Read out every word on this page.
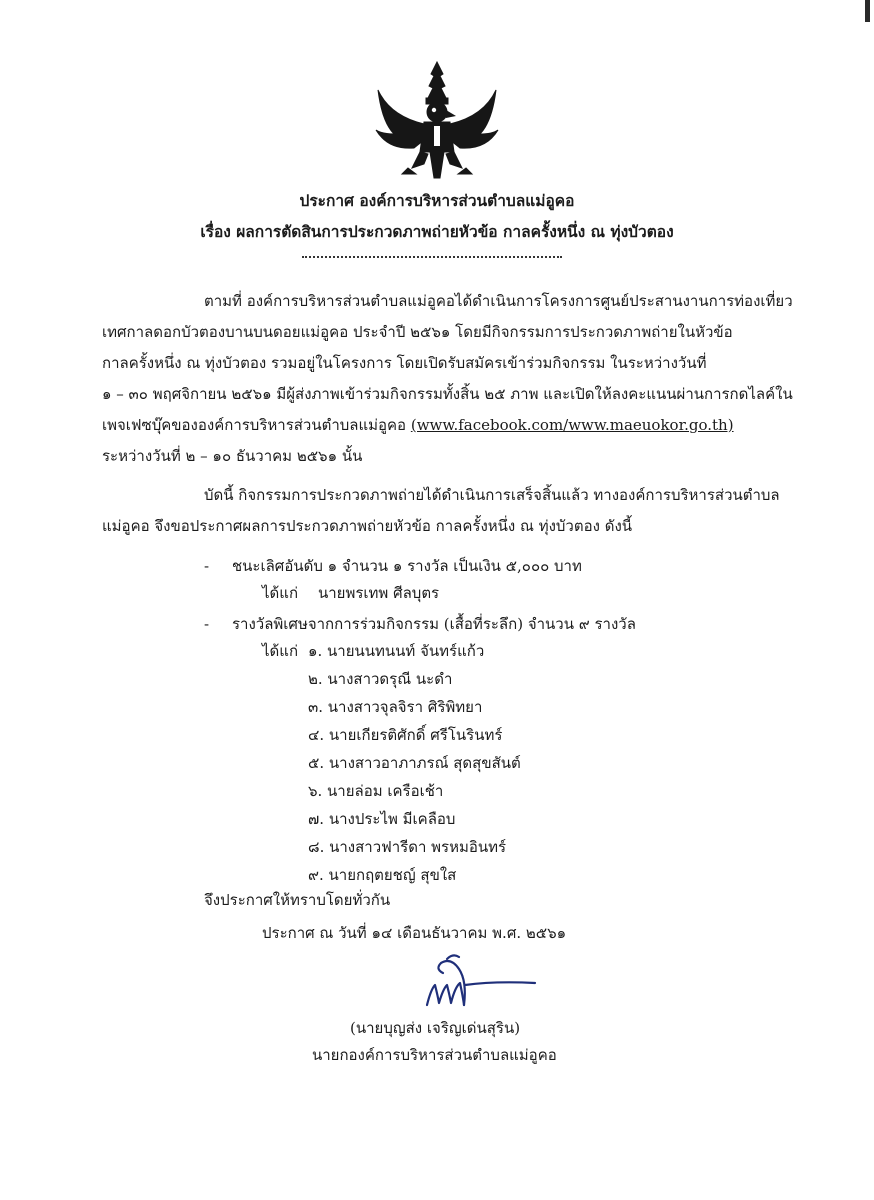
ประกาศ องค์การบริหารส่วนตำบลแม่อูคอ
เรื่อง ผลการตัดสินการประกวดภาพถ่ายหัวข้อ กาลครั้งหนึ่ง ณ ทุ่งบัวตอง
ตามที่ องค์การบริหารส่วนตำบลแม่อูคอได้ดำเนินการโครงการศูนย์ประสานงานการท่องเที่ยว
เทศกาลดอกบัวตองบานบนดอยแม่อูคอ ประจำปี ๒๕๖๑ โดยมีกิจกรรมการประกวดภาพถ่ายในหัวข้อ
กาลครั้งหนึ่ง ณ ทุ่งบัวตอง รวมอยู่ในโครงการ โดยเปิดรับสมัครเข้าร่วมกิจกรรม ในระหว่างวันที่
๑ – ๓๐ พฤศจิกายน ๒๕๖๑ มีผู้ส่งภาพเข้าร่วมกิจกรรมทั้งสิ้น ๒๕ ภาพ และเปิดให้ลงคะแนนผ่านการกดไลค์ใน
เพจเฟซบุ๊คขององค์การบริหารส่วนตำบลแม่อูคอ (www.facebook.com/www.maeuokor.go.th)
ระหว่างวันที่ ๒ – ๑๐ ธันวาคม ๒๕๖๑ นั้น
บัดนี้ กิจกรรมการประกวดภาพถ่ายได้ดำเนินการเสร็จสิ้นแล้ว ทางองค์การบริหารส่วนตำบล
แม่อูคอ จึงขอประกาศผลการประกวดภาพถ่ายหัวข้อ กาลครั้งหนึ่ง ณ ทุ่งบัวตอง ดังนี้
- ชนะเลิศอันดับ ๑ จำนวน ๑ รางวัล เป็นเงิน ๕,๐๐๐ บาท
ได้แก่ นายพรเทพ ศีลบุตร
- รางวัลพิเศษจากการร่วมกิจกรรม (เสื้อที่ระลึก) จำนวน ๙ รางวัล
ได้แก่ ๑. นายนนทนนท์ จันทร์แก้ว
๒. นางสาวดรุณี นะดำ
๓. นางสาวจุลจิรา ศิริพิทยา
๔. นายเกียรติศักดิ์ ศรีโนรินทร์
๕. นางสาวอาภาภรณ์ สุดสุขสันต์
๖. นายล่อม เครือเช้า
๗. นางประไพ มีเคลือบ
๘. นางสาวฟารีดา พรหมอินทร์
๙. นายกฤตยชญ์ สุขใส
จึงประกาศให้ทราบโดยทั่วกัน
ประกาศ ณ วันที่ ๑๔ เดือนธันวาคม พ.ศ. ๒๕๖๑
(นายบุญส่ง เจริญเด่นสุริน)
นายกองค์การบริหารส่วนตำบลแม่อูคอ
